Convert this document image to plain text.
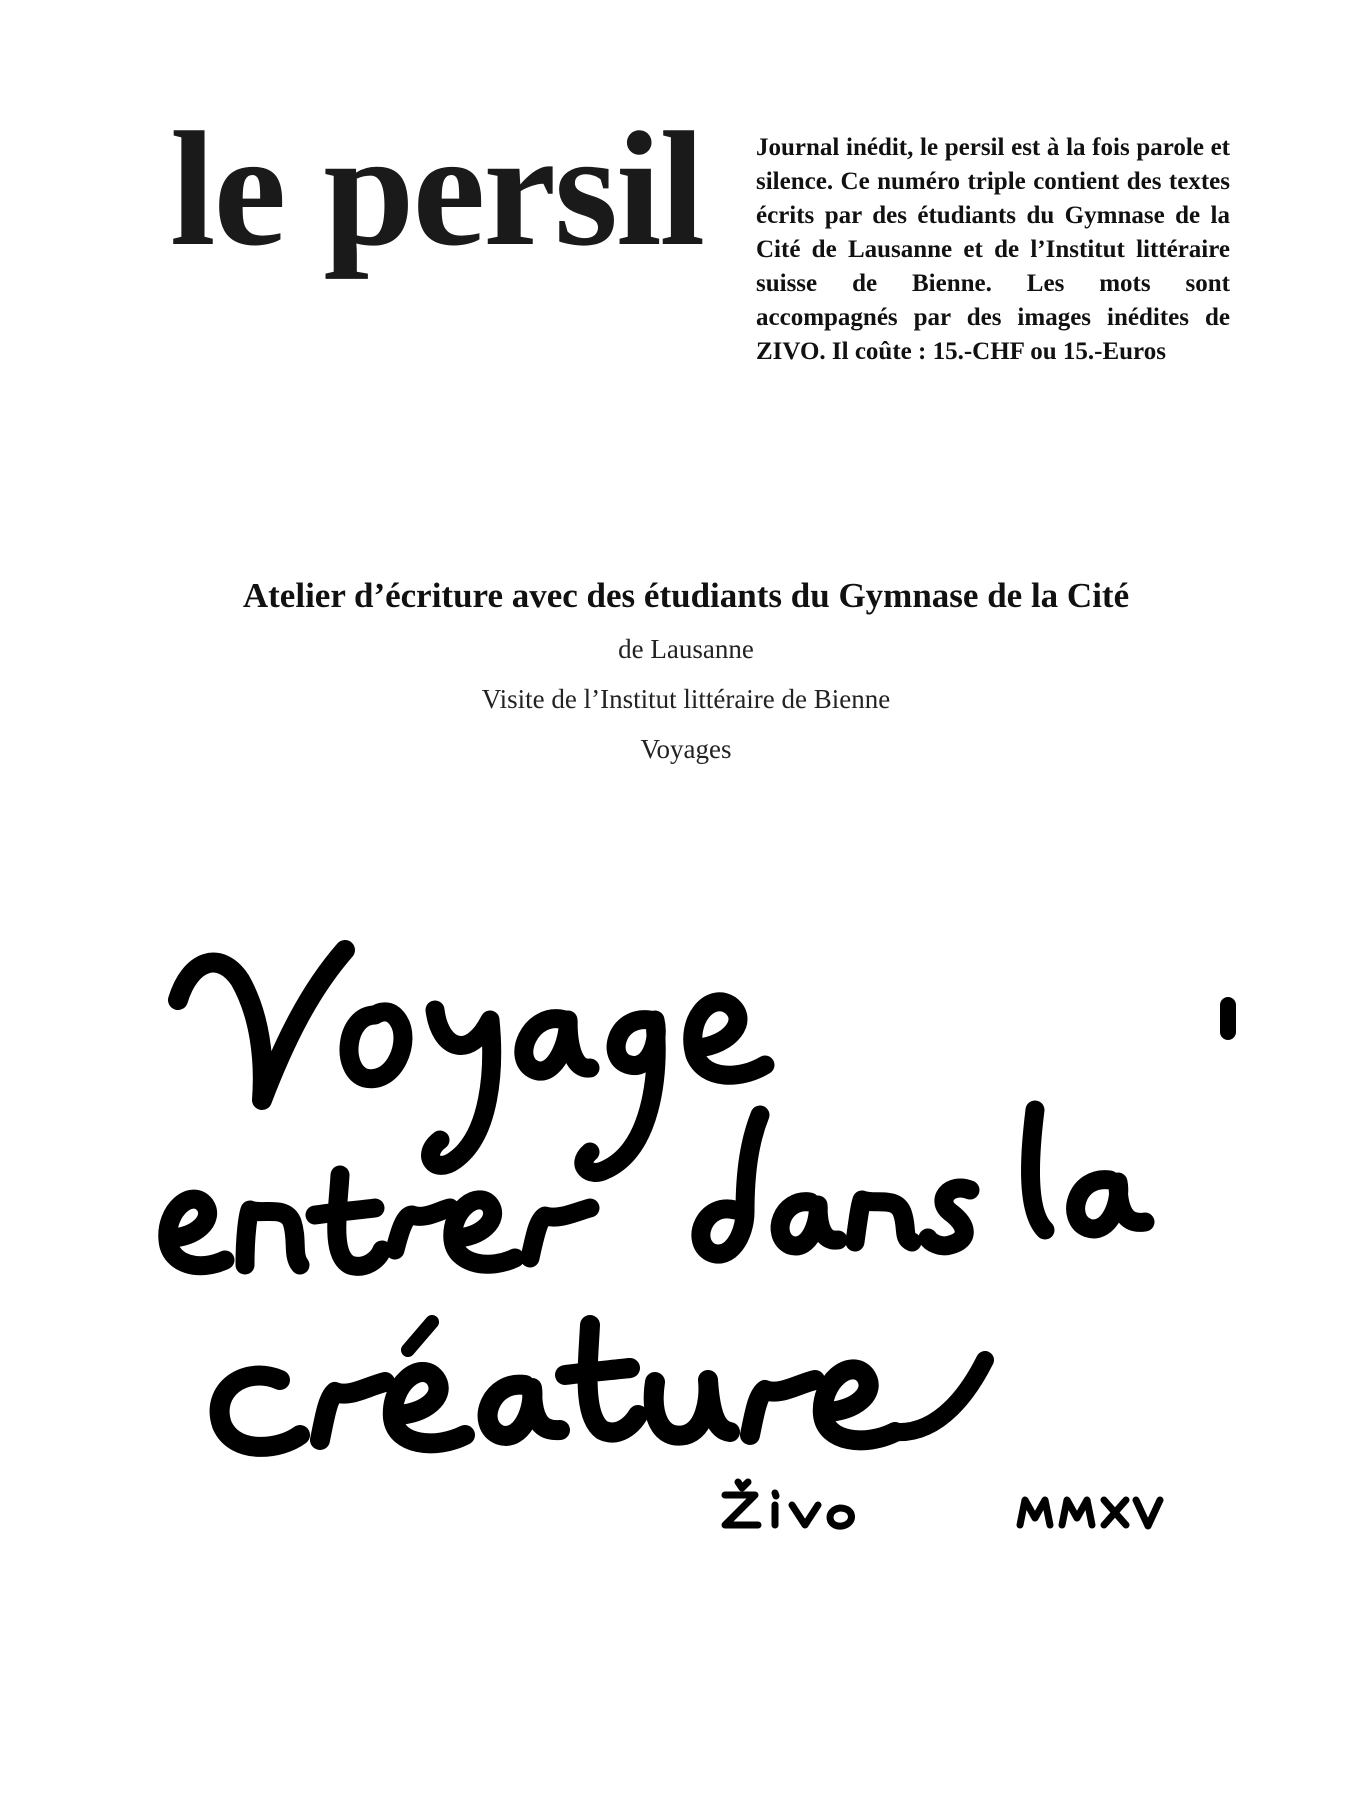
le persil Journal inédit, le persil est à la fois parole et silence. Ce numéro triple contient des textes écrits par des étudiants du Gymnase de la Cité de Lausanne et de l’Institut littéraire suisse de Bienne. Les mots sont accompagnés par des images inédites de ZIVO. Il coûte : 15.-CHF ou 15.-Euros
Atelier d’écriture avec des étudiants du Gymnase de la Cité
de Lausanne
Visite de l’Institut littéraire de Bienne
Voyages
